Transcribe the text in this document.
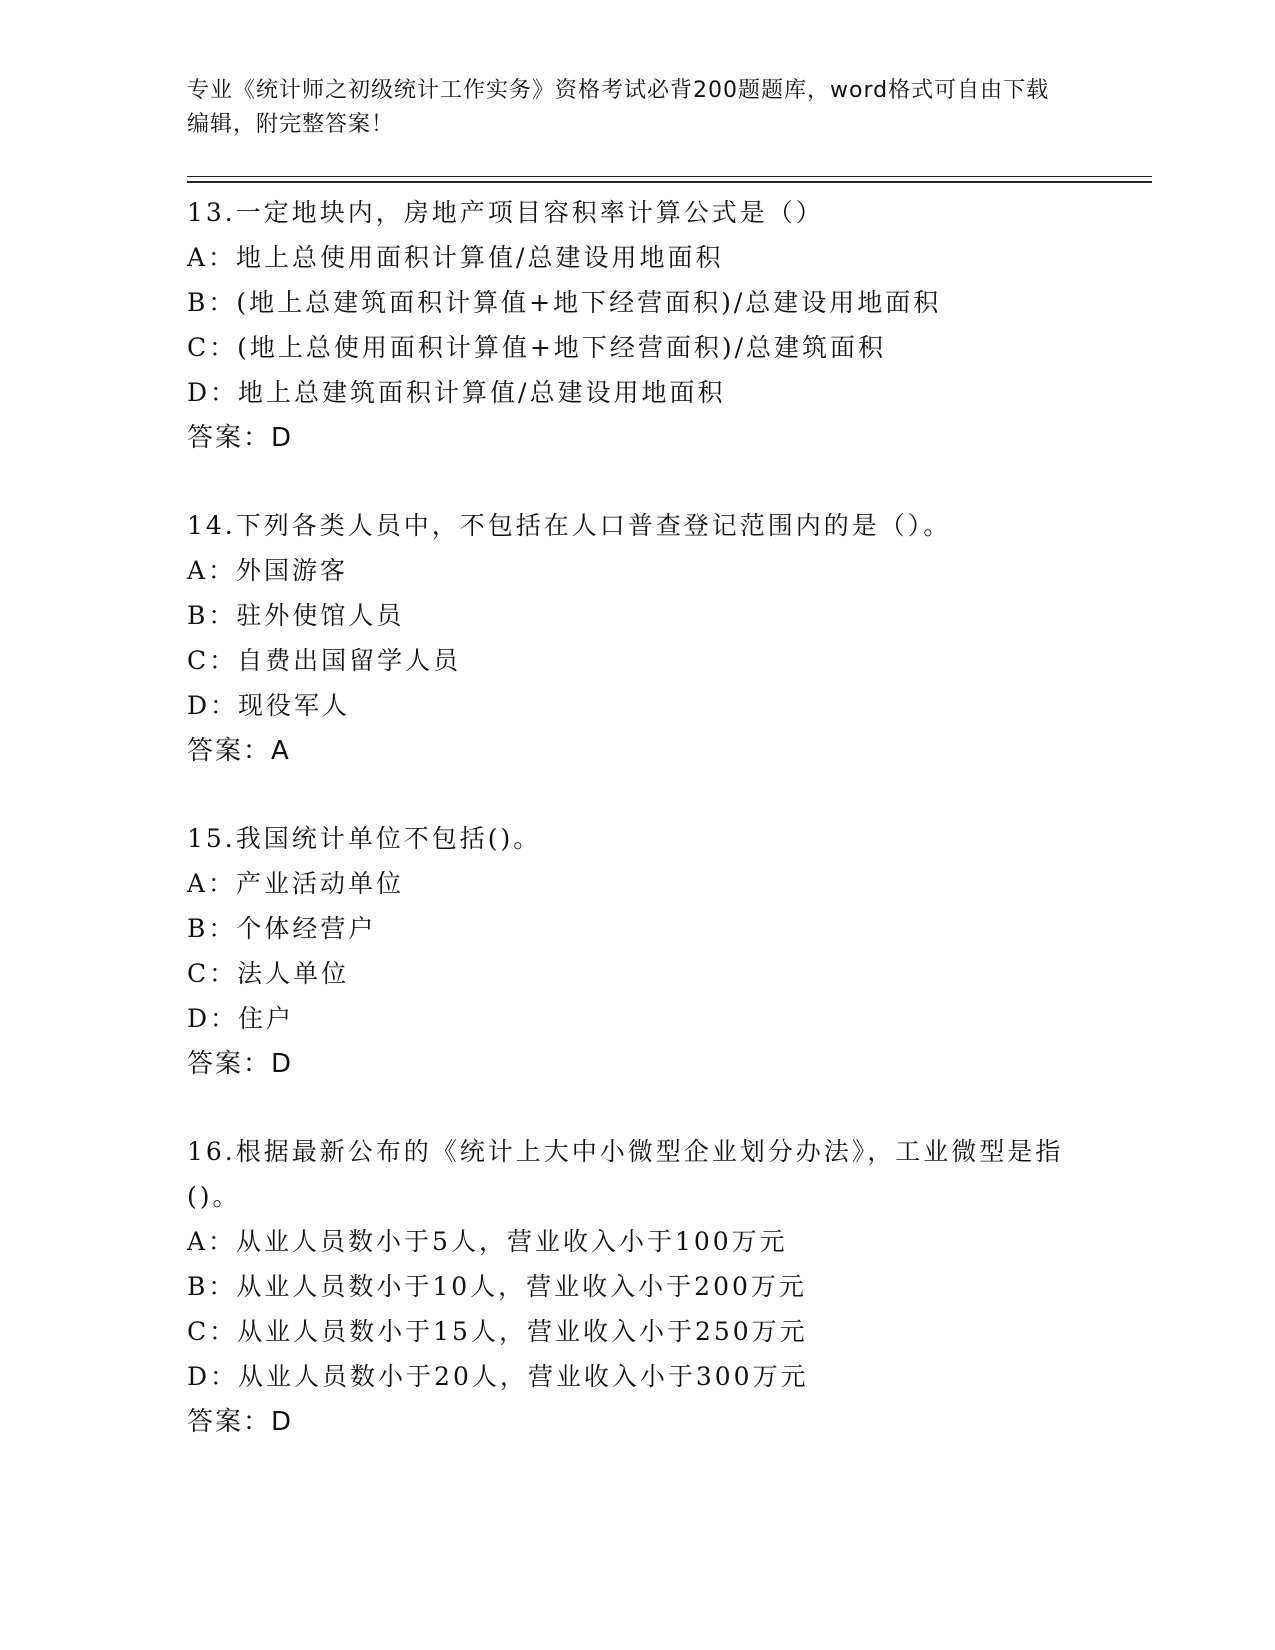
专业《统计师之初级统计工作实务》资格考试必背200题题库，word格式可自由下载编辑，附完整答案！
13.一定地块内，房地产项目容积率计算公式是（）
A：地上总使用面积计算值/总建设用地面积
B：(地上总建筑面积计算值+地下经营面积)/总建设用地面积
C：(地上总使用面积计算值+地下经营面积)/总建筑面积
D：地上总建筑面积计算值/总建设用地面积
答案：D
14.下列各类人员中，不包括在人口普查登记范围内的是（）。
A：外国游客
B：驻外使馆人员
C：自费出国留学人员
D：现役军人
答案：A
15.我国统计单位不包括()。
A：产业活动单位
B：个体经营户
C：法人单位
D：住户
答案：D
16.根据最新公布的《统计上大中小微型企业划分办法》，工业微型是指()。
A：从业人员数小于5人，营业收入小于100万元
B：从业人员数小于10人，营业收入小于200万元
C：从业人员数小于15人，营业收入小于250万元
D：从业人员数小于20人，营业收入小于300万元
答案：D
